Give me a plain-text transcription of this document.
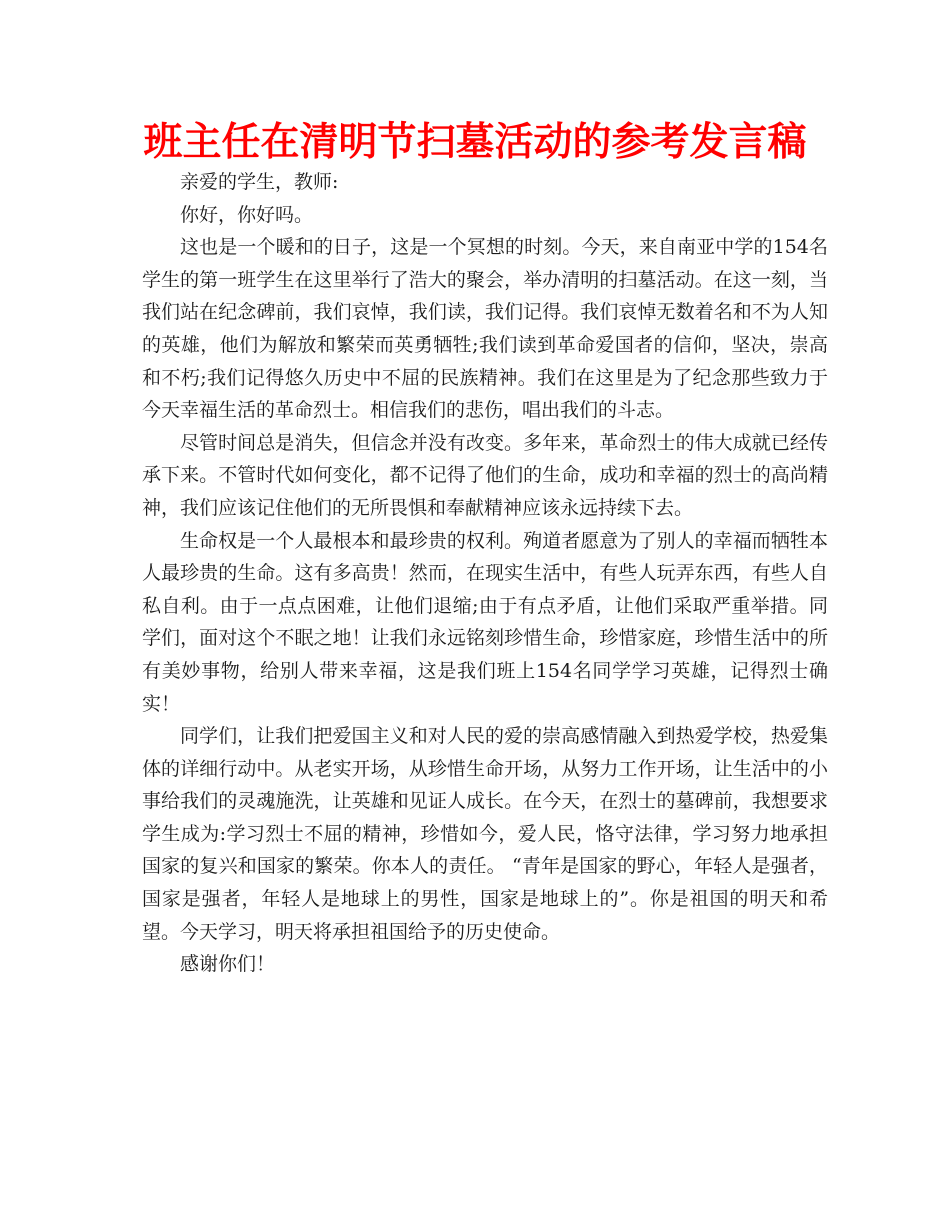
班主任在清明节扫墓活动的参考发言稿

亲爱的学生，教师:

你好，你好吗。

这也是一个暖和的日子，这是一个冥想的时刻。今天，来自南亚中学的154名学生的第一班学生在这里举行了浩大的聚会，举办清明的扫墓活动。在这一刻，当我们站在纪念碑前，我们哀悼，我们读，我们记得。我们哀悼无数着名和不为人知的英雄，他们为解放和繁荣而英勇牺牲;我们读到革命爱国者的信仰，坚决，崇高和不朽;我们记得悠久历史中不屈的民族精神。我们在这里是为了纪念那些致力于今天幸福生活的革命烈士。相信我们的悲伤，唱出我们的斗志。

尽管时间总是消失，但信念并没有改变。多年来，革命烈士的伟大成就已经传承下来。不管时代如何变化，都不记得了他们的生命，成功和幸福的烈士的高尚精神，我们应该记住他们的无所畏惧和奉献精神应该永远持续下去。

生命权是一个人最根本和最珍贵的权利。殉道者愿意为了别人的幸福而牺牲本人最珍贵的生命。这有多高贵！然而，在现实生活中，有些人玩弄东西，有些人自私自利。由于一点点困难，让他们退缩;由于有点矛盾，让他们采取严重举措。同学们，面对这个不眠之地！让我们永远铭刻珍惜生命，珍惜家庭，珍惜生活中的所有美妙事物，给别人带来幸福，这是我们班上154名同学学习英雄，记得烈士确实！

同学们，让我们把爱国主义和对人民的爱的崇高感情融入到热爱学校，热爱集体的详细行动中。从老实开场，从珍惜生命开场，从努力工作开场，让生活中的小事给我们的灵魂施洗，让英雄和见证人成长。在今天，在烈士的墓碑前，我想要求学生成为:学习烈士不屈的精神，珍惜如今，爱人民，恪守法律，学习努力地承担国家的复兴和国家的繁荣。你本人的责任。 “青年是国家的野心，年轻人是强者，国家是强者，年轻人是地球上的男性，国家是地球上的”。你是祖国的明天和希望。今天学习，明天将承担祖国给予的历史使命。

感谢你们！
